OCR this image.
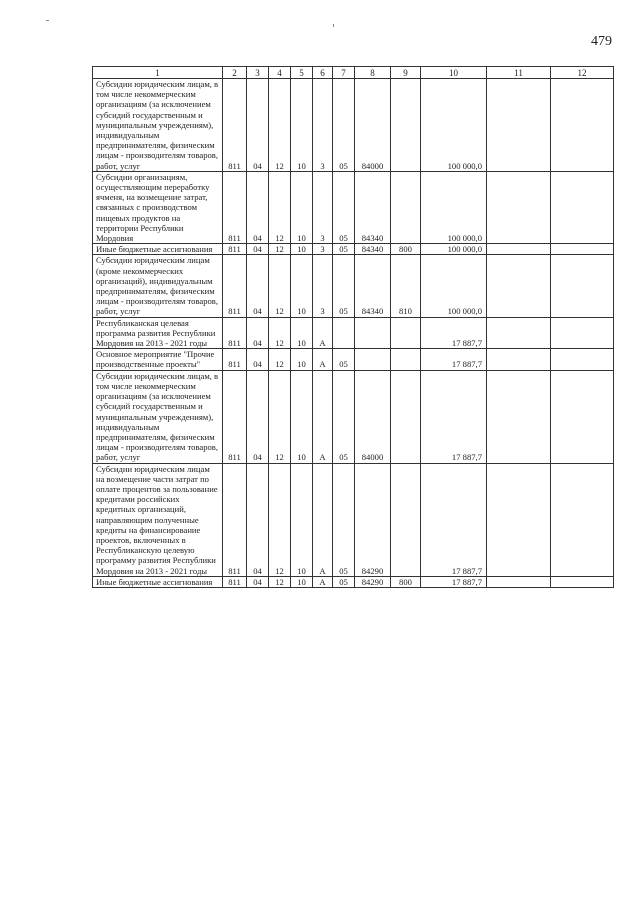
479
1	2	3	4	5	6	7	8	9	10	11	12
Субсидии юридическим лицам, в том числе некоммерческим организациям (за исключением субсидий государственным и муниципальным учреждениям), индивидуальным предпринимателям, физическим лицам - производителям товаров, работ, услуг	811	04	12	10	3	05	84000		100 000,0		
Субсидии организациям, осуществляющим переработку ячменя, на возмещение затрат, связанных с производством пищевых продуктов на территории Республики Мордовия	811	04	12	10	3	05	84340		100 000,0		
Иные бюджетные ассигнования	811	04	12	10	3	05	84340	800	100 000,0		
Субсидии юридическим лицам (кроме некоммерческих организаций), индивидуальным предпринимателям, физическим лицам - производителям товаров, работ, услуг	811	04	12	10	3	05	84340	810	100 000,0		
Республиканская целевая программа развития Республики Мордовия на 2013 - 2021 годы	811	04	12	10	А				17 887,7		
Основное мероприятие "Прочие производственные проекты"	811	04	12	10	А	05			17 887,7		
Субсидии юридическим лицам, в том числе некоммерческим организациям (за исключением субсидий государственным и муниципальным учреждениям), индивидуальным предпринимателям, физическим лицам - производителям товаров, работ, услуг	811	04	12	10	А	05	84000		17 887,7		
Субсидии юридическим лицам на возмещение части затрат по оплате процентов за пользование кредитами российских кредитных организаций, направляющим полученные кредиты на финансирование проектов, включенных в Республиканскую целевую программу развития Республики Мордовия на 2013 - 2021 годы	811	04	12	10	А	05	84290		17 887,7		
Иные бюджетные ассигнования	811	04	12	10	А	05	84290	800	17 887,7		
